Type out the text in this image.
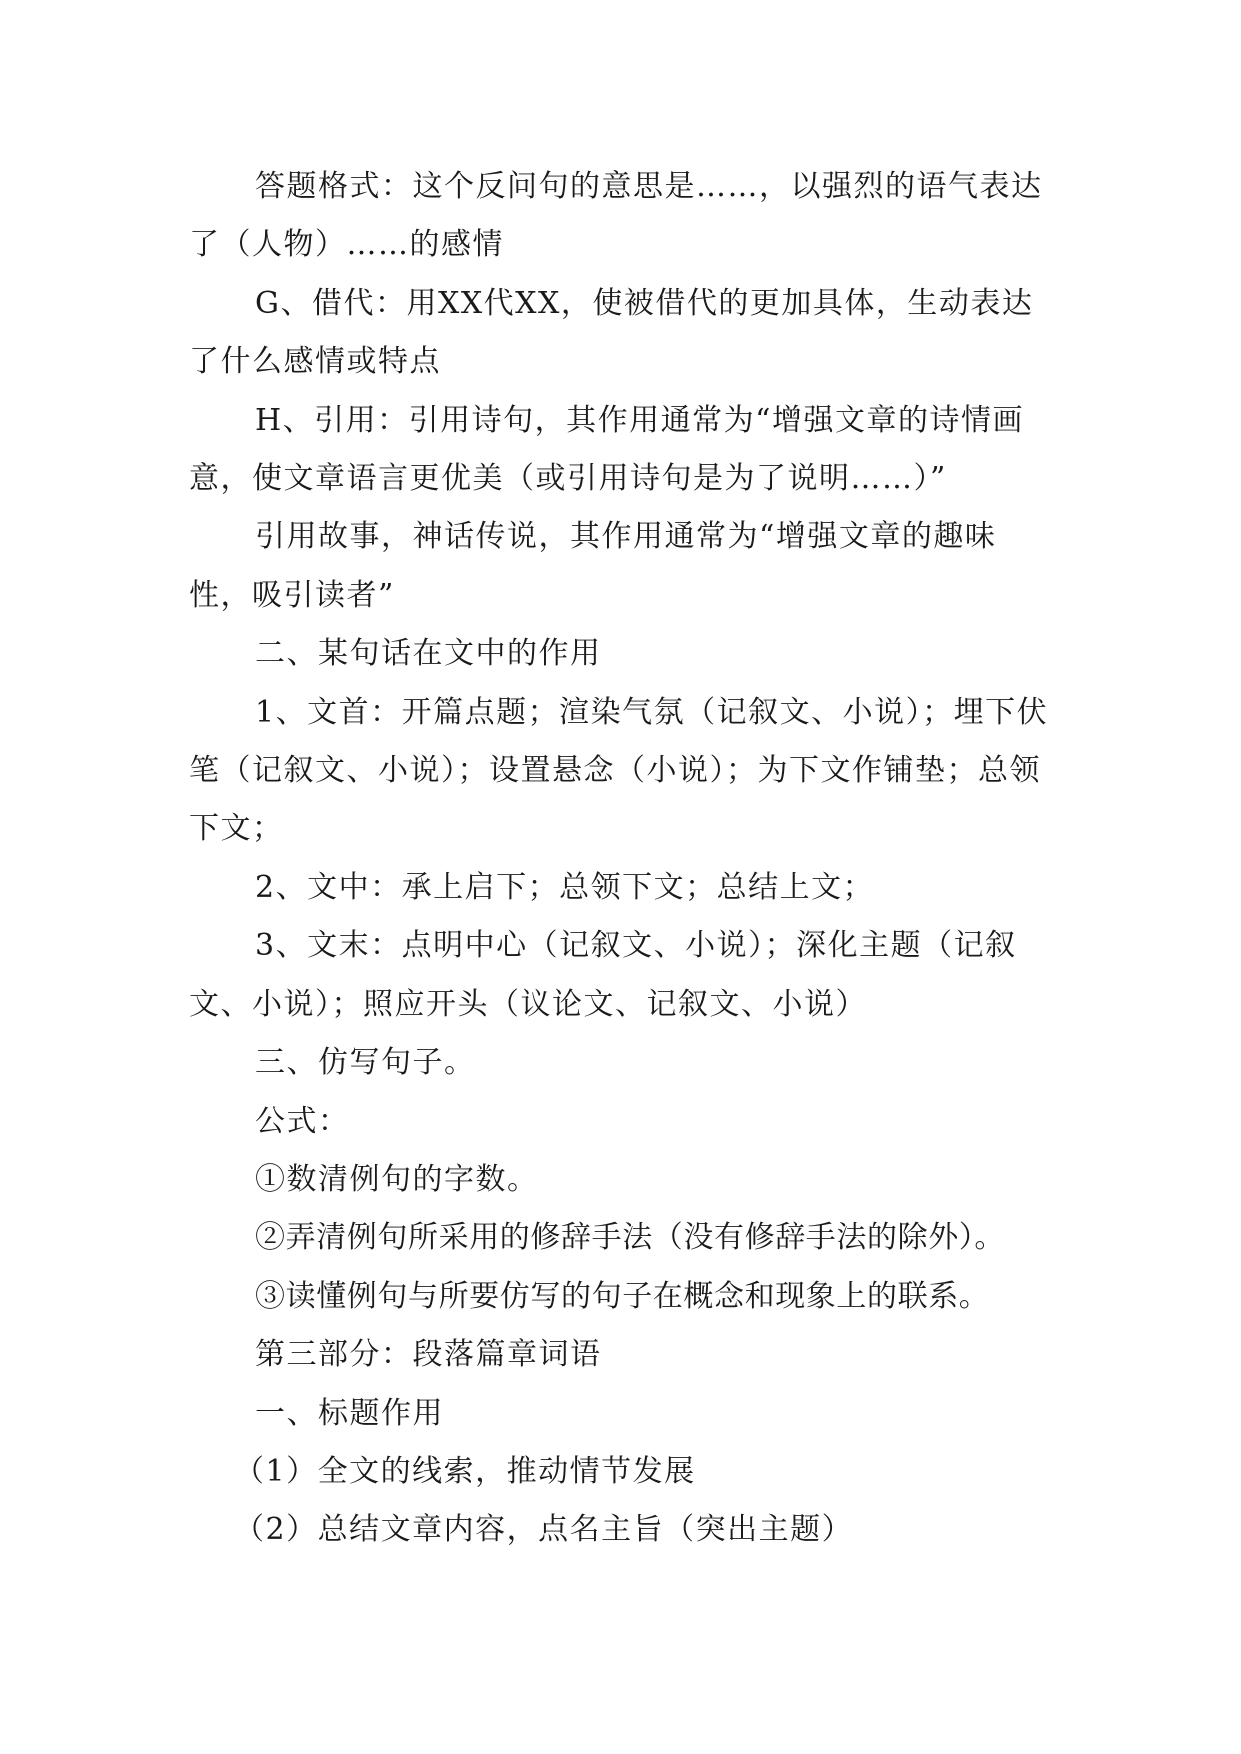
答题格式：这个反问句的意思是……，以强烈的语气表达了（人物）……的感情

G、借代：用XX代XX，使被借代的更加具体，生动表达了什么感情或特点

H、引用：引用诗句，其作用通常为“增强文章的诗情画意，使文章语言更优美（或引用诗句是为了说明……）”

引用故事，神话传说，其作用通常为“增强文章的趣味性，吸引读者”

二、某句话在文中的作用

1、文首：开篇点题；渲染气氛（记叙文、小说）；埋下伏笔（记叙文、小说）；设置悬念（小说）；为下文作铺垫；总领下文；

2、文中：承上启下；总领下文；总结上文；

3、文末：点明中心（记叙文、小说）；深化主题（记叙文、小说）；照应开头（议论文、记叙文、小说）

三、仿写句子。

公式：

①数清例句的字数。

②弄清例句所采用的修辞手法（没有修辞手法的除外）。

③读懂例句与所要仿写的句子在概念和现象上的联系。

第三部分：段落篇章词语

一、标题作用

（1）全文的线索，推动情节发展

（2）总结文章内容，点名主旨（突出主题）
